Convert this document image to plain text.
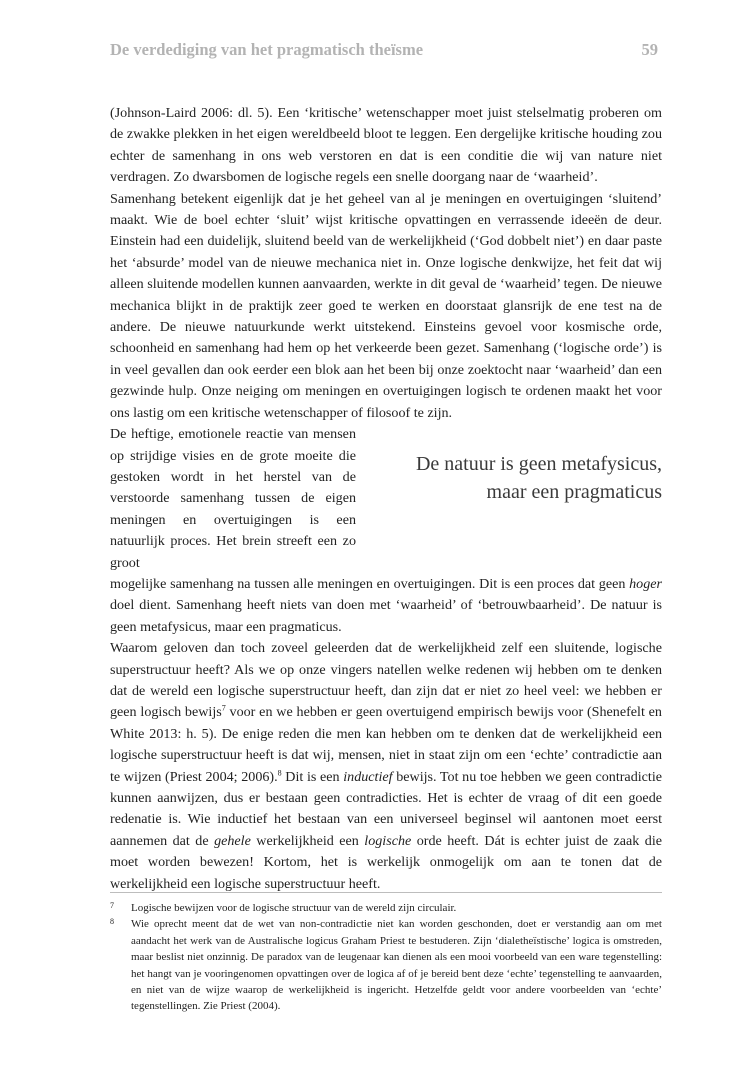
De verdediging van het pragmatisch theïsme	59

(Johnson-Laird 2006: dl. 5). Een ‘kritische’ wetenschapper moet juist stelselmatig proberen om de zwakke plekken in het eigen wereldbeeld bloot te leggen. Een dergelijke kritische houding zou echter de samenhang in ons web verstoren en dat is een conditie die wij van nature niet verdragen. Zo dwarsbomen de logische regels een snelle doorgang naar de ‘waarheid’.

Samenhang betekent eigenlijk dat je het geheel van al je meningen en overtuigingen ‘sluitend’ maakt. Wie de boel echter ‘sluit’ wijst kritische opvattingen en verrassende ideeën de deur. Einstein had een duidelijk, sluitend beeld van de werkelijkheid (‘God dobbelt niet’) en daar paste het ‘absurde’ model van de nieuwe mechanica niet in. Onze logische denkwijze, het feit dat wij alleen sluitende modellen kunnen aanvaarden, werkte in dit geval de ‘waarheid’ tegen. De nieuwe mechanica blijkt in de praktijk zeer goed te werken en doorstaat glansrijk de ene test na de andere. De nieuwe natuurkunde werkt uitstekend. Einsteins gevoel voor kosmische orde, schoonheid en samenhang had hem op het verkeerde been gezet. Samenhang (‘logische orde’) is in veel gevallen dan ook eerder een blok aan het been bij onze zoektocht naar ‘waarheid’ dan een gezwinde hulp. Onze neiging om meningen en overtuigingen logisch te ordenen maakt het voor ons lastig om een kritische wetenschapper of filosoof te zijn.

De heftige, emotionele reactie van mensen op strijdige visies en de grote moeite die gestoken wordt in het herstel van de verstoorde samenhang tussen de eigen meningen en overtuigingen is een natuurlijk proces. Het brein streeft een zo groot
De natuur is geen metafysicus,
maar een pragmaticus

mogelijke samenhang na tussen alle meningen en overtuigingen. Dit is een proces dat geen hoger doel dient. Samenhang heeft niets van doen met ‘waarheid’ of ‘betrouwbaarheid’. De natuur is geen metafysicus, maar een pragmaticus.

Waarom geloven dan toch zoveel geleerden dat de werkelijkheid zelf een sluitende, logische superstructuur heeft? Als we op onze vingers natellen welke redenen wij hebben om te denken dat de wereld een logische superstructuur heeft, dan zijn dat er niet zo heel veel: we hebben er geen logisch bewijs$^7$ voor en we hebben er geen overtuigend empirisch bewijs voor (Shenefelt en White 2013: h. 5). De enige reden die men kan hebben om te denken dat de werkelijkheid een logische superstructuur heeft is dat wij, mensen, niet in staat zijn om een ‘echte’ contradictie aan te wijzen (Priest 2004; 2006).$^8$ Dit is een inductief bewijs. Tot nu toe hebben we geen contradictie kunnen aanwijzen, dus er bestaan geen contradicties. Het is echter de vraag of dit een goede redenatie is. Wie inductief het bestaan van een universeel beginsel wil aantonen moet eerst aannemen dat de gehele werkelijkheid een logische orde heeft. Dát is echter juist de zaak die moet worden bewezen! Kortom, het is werkelijk onmogelijk om aan te tonen dat de werkelijkheid een logische superstructuur heeft.

7 Logische bewijzen voor de logische structuur van de wereld zijn circulair.
8 Wie oprecht meent dat de wet van non-contradictie niet kan worden geschonden, doet er verstandig aan om met aandacht het werk van de Australische logicus Graham Priest te bestuderen. Zijn ‘dialetheïstische’ logica is omstreden, maar beslist niet onzinnig. De paradox van de leugenaar kan dienen als een mooi voorbeeld van een ware tegenstelling: het hangt van je vooringenomen opvattingen over de logica af of je bereid bent deze ‘echte’ tegenstelling te aanvaarden, en niet van de wijze waarop de werkelijkheid is ingericht. Hetzelfde geldt voor andere voorbeelden van ‘echte’ tegenstellingen. Zie Priest (2004).
